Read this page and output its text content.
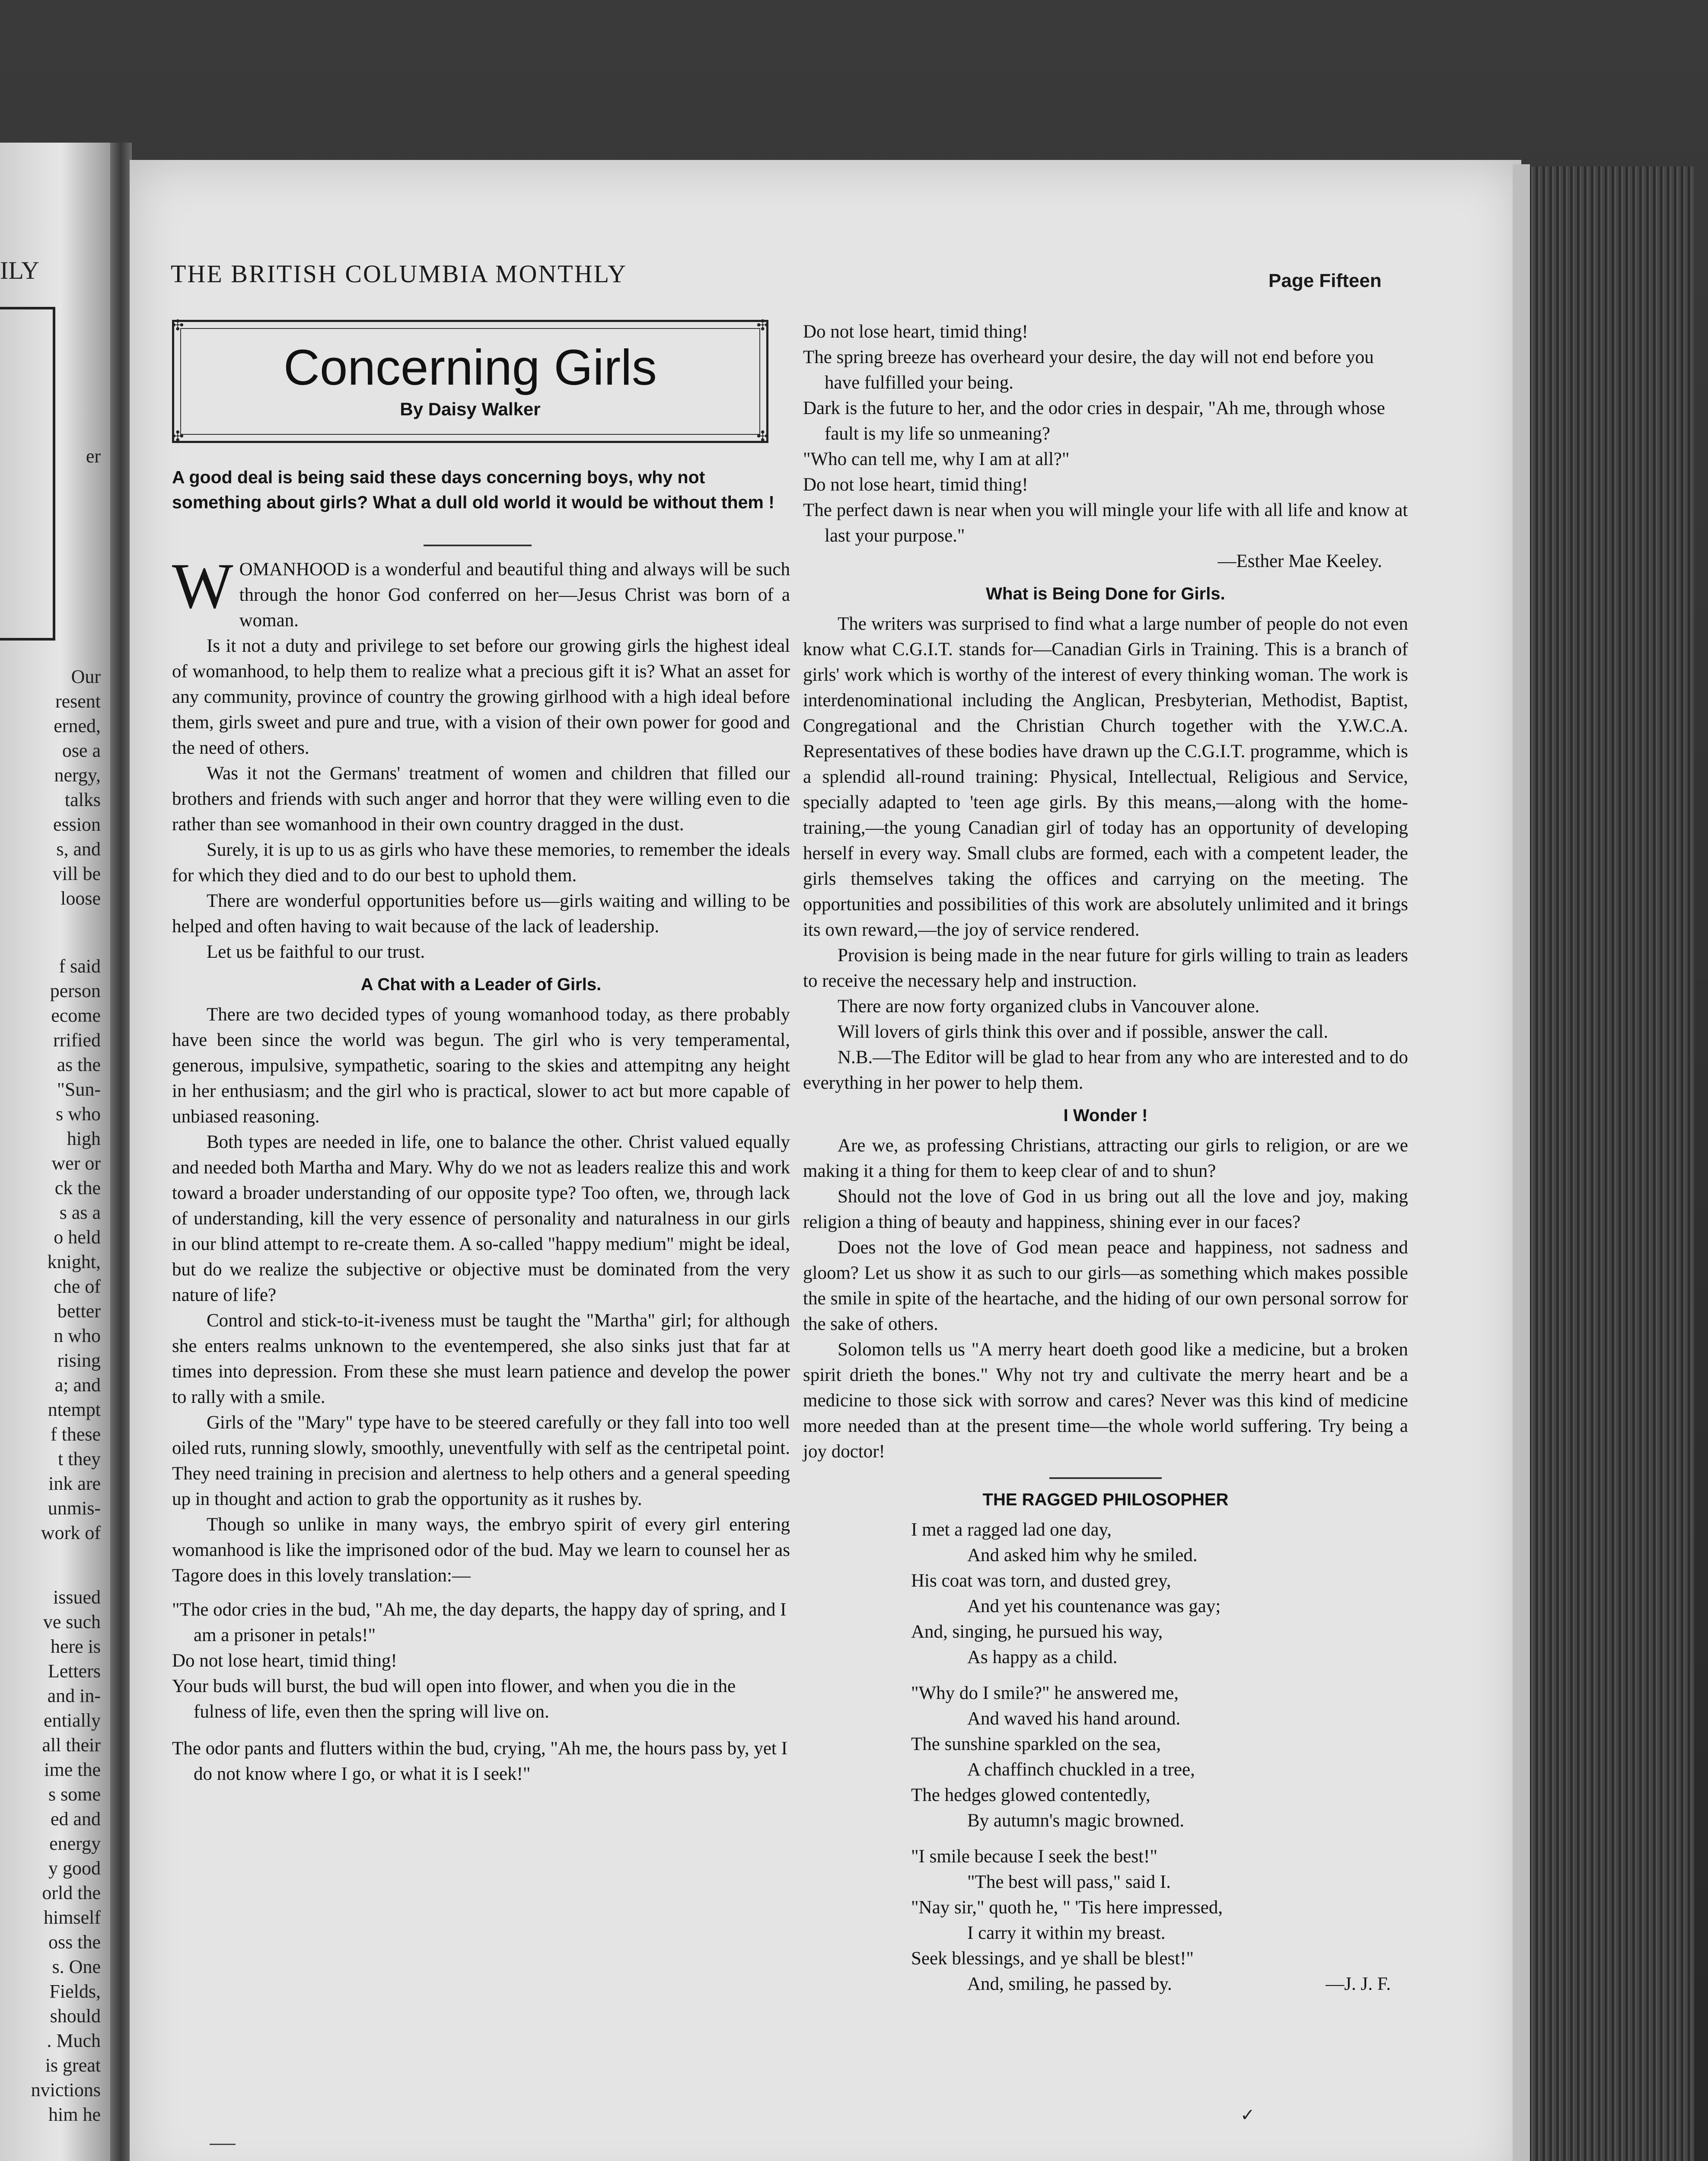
ILY
er
Our
resent
erned,
ose a
nergy,
talks
ession
s, and
vill be
loose
f said
person
ecome
rrified
as the
"Sun-
s who
high
wer or
ck the
s as a
o held
knight,
che of
better
n who
rising
a; and
ntempt
f these
t they
ink are
unmis-
work of
issued
ve such
here is
Letters
and in-
entially
all their
ime the
s some
ed and
energy
y good
orld the
himself
oss the
s. One
Fields,
should
. Much
is great
nvictions
him he
THE BRITISH COLUMBIA MONTHLY	Page Fifteen
✣	✣
✣	✣
Concerning Girls
By Daisy Walker
A good deal is being said these days concerning boys, why not something about girls? What a dull old world it would be without them !

WOMANHOOD is a wonderful and beautiful thing and always will be such through the honor God conferred on her—Jesus Christ was born of a woman.

Is it not a duty and privilege to set before our growing girls the highest ideal of womanhood, to help them to realize what a precious gift it is? What an asset for any community, province of country the growing girlhood with a high ideal before them, girls sweet and pure and true, with a vision of their own power for good and the need of others.

Was it not the Germans' treatment of women and children that filled our brothers and friends with such anger and horror that they were willing even to die rather than see womanhood in their own country dragged in the dust.

Surely, it is up to us as girls who have these memories, to remember the ideals for which they died and to do our best to uphold them.

There are wonderful opportunities before us—girls waiting and willing to be helped and often having to wait because of the lack of leadership.

Let us be faithful to our trust.

A Chat with a Leader of Girls.

There are two decided types of young womanhood today, as there probably have been since the world was begun. The girl who is very temperamental, generous, impulsive, sympathetic, soaring to the skies and attempitng any height in her enthusiasm; and the girl who is practical, slower to act but more capable of unbiased reasoning.

Both types are needed in life, one to balance the other. Christ valued equally and needed both Martha and Mary. Why do we not as leaders realize this and work toward a broader understanding of our opposite type? Too often, we, through lack of understanding, kill the very essence of personality and naturalness in our girls in our blind attempt to re-create them. A so-called "happy medium" might be ideal, but do we realize the subjective or objective must be dominated from the very nature of life?

Control and stick-to-it-iveness must be taught the "Martha" girl; for although she enters realms unknown to the eventempered, she also sinks just that far at times into depression. From these she must learn patience and develop the power to rally with a smile.

Girls of the "Mary" type have to be steered carefully or they fall into too well oiled ruts, running slowly, smoothly, uneventfully with self as the centripetal point. They need training in precision and alertness to help others and a general speeding up in thought and action to grab the opportunity as it rushes by.

Though so unlike in many ways, the embryo spirit of every girl entering womanhood is like the imprisoned odor of the bud. May we learn to counsel her as Tagore does in this lovely translation:—

"The odor cries in the bud, "Ah me, the day departs, the happy day of spring, and I am a prisoner in petals!"
Do not lose heart, timid thing!
Your buds will burst, the bud will open into flower, and when you die in the fulness of life, even then the spring will live on.
The odor pants and flutters within the bud, crying, "Ah me, the hours pass by, yet I do not know where I go, or what it is I seek!"
Do not lose heart, timid thing!
The spring breeze has overheard your desire, the day will not end before you have fulfilled your being.
Dark is the future to her, and the odor cries in despair, "Ah me, through whose fault is my life so unmeaning?
"Who can tell me, why I am at all?"
Do not lose heart, timid thing!
The perfect dawn is near when you will mingle your life with all life and know at last your purpose."
—Esther Mae Keeley.
What is Being Done for Girls.

The writers was surprised to find what a large number of people do not even know what C.G.I.T. stands for—Canadian Girls in Training. This is a branch of girls' work which is worthy of the interest of every thinking woman. The work is interdenominational including the Anglican, Presbyterian, Methodist, Baptist, Congregational and the Christian Church together with the Y.W.C.A. Representatives of these bodies have drawn up the C.G.I.T. programme, which is a splendid all-round training: Physical, Intellectual, Religious and Service, specially adapted to 'teen age girls. By this means,—along with the home-training,—the young Canadian girl of today has an opportunity of developing herself in every way. Small clubs are formed, each with a competent leader, the girls themselves taking the offices and carrying on the meeting. The opportunities and possibilities of this work are absolutely unlimited and it brings its own reward,—the joy of service rendered.

Provision is being made in the near future for girls willing to train as leaders to receive the necessary help and instruction.

There are now forty organized clubs in Vancouver alone.

Will lovers of girls think this over and if possible, answer the call.

N.B.—The Editor will be glad to hear from any who are interested and to do everything in her power to help them.

I Wonder !

Are we, as professing Christians, attracting our girls to religion, or are we making it a thing for them to keep clear of and to shun?

Should not the love of God in us bring out all the love and joy, making religion a thing of beauty and happiness, shining ever in our faces?

Does not the love of God mean peace and happiness, not sadness and gloom? Let us show it as such to our girls—as something which makes possible the smile in spite of the heartache, and the hiding of our own personal sorrow for the sake of others.

Solomon tells us "A merry heart doeth good like a medicine, but a broken spirit drieth the bones." Why not try and cultivate the merry heart and be a medicine to those sick with sorrow and cares? Never was this kind of medicine more needed than at the present time—the whole world suffering. Try being a joy doctor!

THE RAGGED PHILOSOPHER
I met a ragged lad one day,
And asked him why he smiled.
His coat was torn, and dusted grey,
And yet his countenance was gay;
And, singing, he pursued his way,
As happy as a child.
"Why do I smile?" he answered me,
And waved his hand around.
The sunshine sparkled on the sea,
A chaffinch chuckled in a tree,
The hedges glowed contentedly,
By autumn's magic browned.
"I smile because I seek the best!"
"The best will pass," said I.
"Nay sir," quoth he, " 'Tis here impressed,
I carry it within my breast.
Seek blessings, and ye shall be blest!"
And, smiling, he passed by.	—J. J. F.
✓
